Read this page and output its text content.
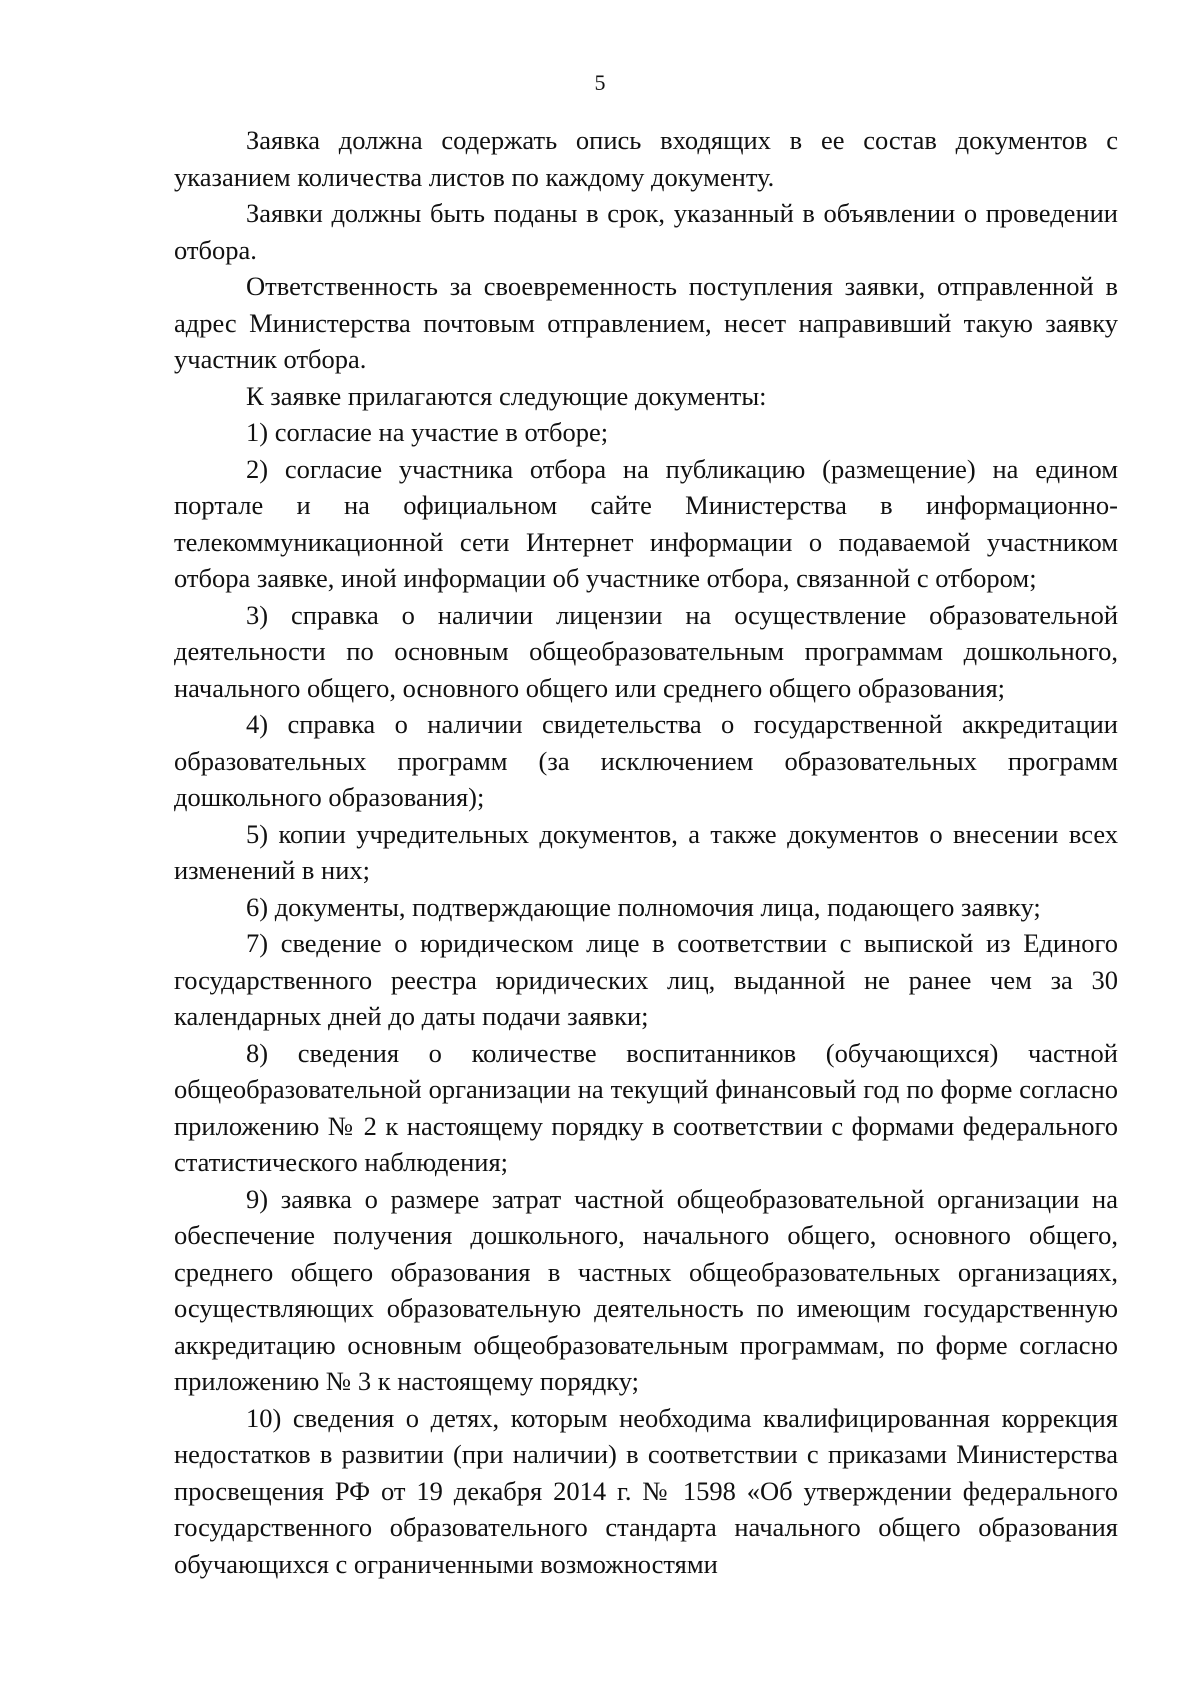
5

Заявка должна содержать опись входящих в ее состав документов с указанием количества листов по каждому документу.

Заявки должны быть поданы в срок, указанный в объявлении о проведении отбора.

Ответственность за своевременность поступления заявки, отправленной в адрес Министерства почтовым отправлением, несет направивший такую заявку участник отбора.

К заявке прилагаются следующие документы:

1) согласие на участие в отборе;

2) согласие участника отбора на публикацию (размещение) на едином портале и на официальном сайте Министерства в информационно-телекоммуникационной сети Интернет информации о подаваемой участником отбора заявке, иной информации об участнике отбора, связанной с отбором;

3) справка о наличии лицензии на осуществление образовательной деятельности по основным общеобразовательным программам дошкольного, начального общего, основного общего или среднего общего образования;

4) справка о наличии свидетельства о государственной аккредитации образовательных программ (за исключением образовательных программ дошкольного образования);

5) копии учредительных документов, а также документов о внесении всех изменений в них;

6) документы, подтверждающие полномочия лица, подающего заявку;

7) сведение о юридическом лице в соответствии с выпиской из Единого государственного реестра юридических лиц, выданной не ранее чем за 30 календарных дней до даты подачи заявки;

8) сведения о количестве воспитанников (обучающихся) частной общеобразовательной организации на текущий финансовый год по форме согласно приложению № 2 к настоящему порядку в соответствии с формами федерального статистического наблюдения;

9) заявка о размере затрат частной общеобразовательной организации на обеспечение получения дошкольного, начального общего, основного общего, среднего общего образования в частных общеобразовательных организациях, осуществляющих образовательную деятельность по имеющим государственную аккредитацию основным общеобразовательным программам, по форме согласно приложению № 3 к настоящему порядку;

10) сведения о детях, которым необходима квалифицированная коррекция недостатков в развитии (при наличии) в соответствии с приказами Министерства просвещения РФ от 19 декабря 2014 г. № 1598 «Об утверждении федерального государственного образовательного стандарта начального общего образования обучающихся с ограниченными возможностями
